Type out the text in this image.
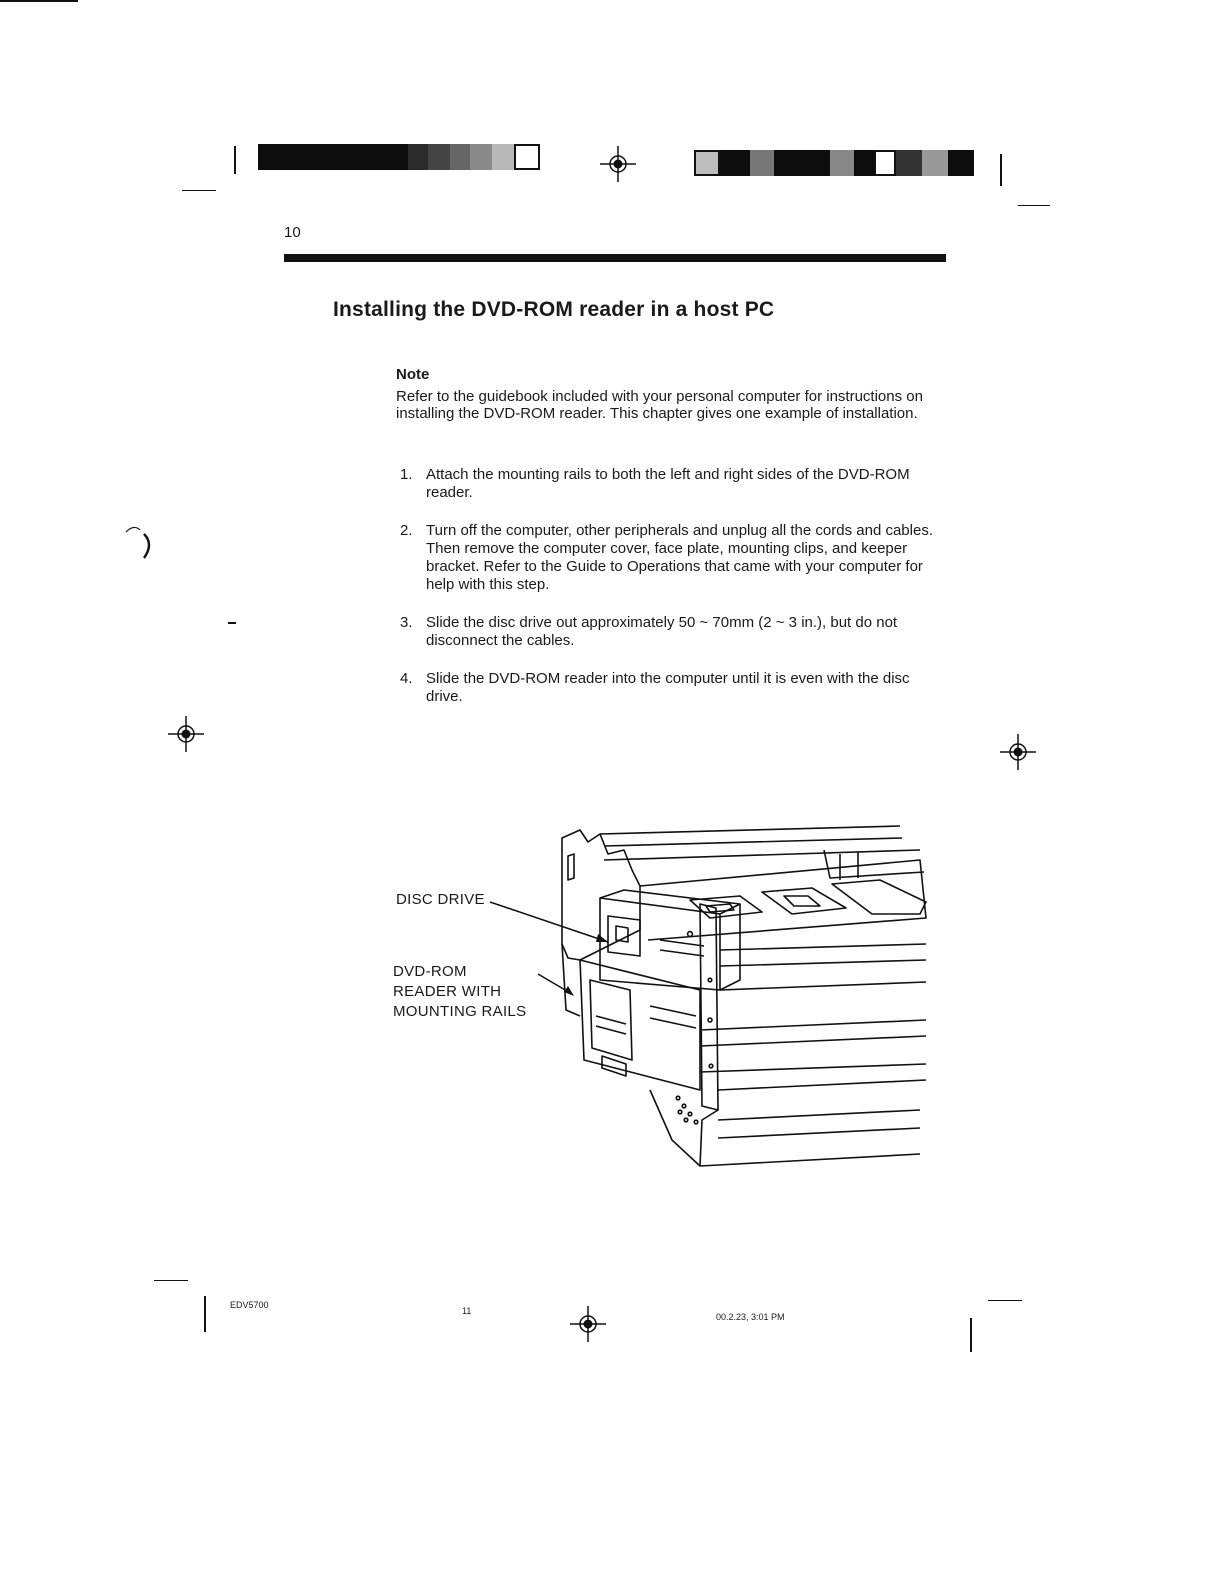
10
Installing the DVD-ROM reader in a host PC
Note
Refer to the guidebook included with your personal computer for instructions on installing the DVD-ROM reader. This chapter gives one example of installation.
1. Attach the mounting rails to both the left and right sides of the DVD-ROM reader.
2. Turn off the computer, other peripherals and unplug all the cords and cables. Then remove the computer cover, face plate, mounting clips, and keeper bracket. Refer to the Guide to Operations that came with your computer for help with this step.
3. Slide the disc drive out approximately 50 ~ 70mm (2 ~ 3 in.), but do not disconnect the cables.
4. Slide the DVD-ROM reader into the computer until it is even with the disc drive.
DISC DRIVE
DVD-ROM
READER WITH
MOUNTING RAILS
EDV5700
11
00.2.23, 3:01 PM
